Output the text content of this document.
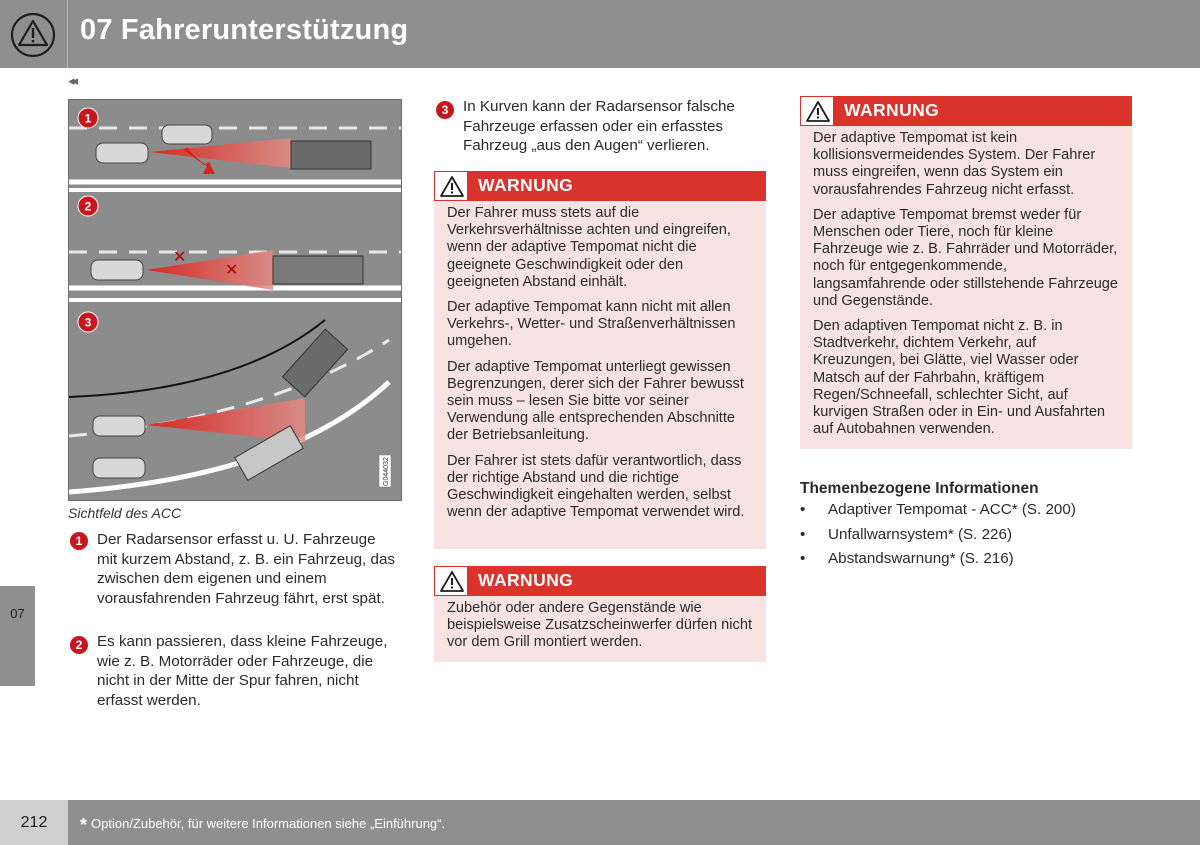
07 Fahrerunterstützung
◂◂
07
1
✕
✕
2
3
G044032
Sichtfeld des ACC
1 Der Radarsensor erfasst u. U. Fahrzeuge mit kurzem Abstand, z. B. ein Fahrzeug, das zwischen dem eigenen und einem vorausfahrenden Fahrzeug fährt, erst spät.
2 Es kann passieren, dass kleine Fahrzeuge, wie z. B. Motorräder oder Fahrzeuge, die nicht in der Mitte der Spur fahren, nicht erfasst werden.
3 In Kurven kann der Radarsensor falsche Fahrzeuge erfassen oder ein erfasstes Fahrzeug „aus den Augen“ verlieren.
WARNUNG

Der Fahrer muss stets auf die Verkehrsverhältnisse achten und eingreifen, wenn der adaptive Tempomat nicht die geeignete Geschwindigkeit oder den geeigneten Abstand einhält.

Der adaptive Tempomat kann nicht mit allen Verkehrs-, Wetter- und Straßenverhältnissen umgehen.

Der adaptive Tempomat unterliegt gewissen Begrenzungen, derer sich der Fahrer bewusst sein muss – lesen Sie bitte vor seiner Verwendung alle entsprechenden Abschnitte der Betriebsanleitung.

Der Fahrer ist stets dafür verantwortlich, dass der richtige Abstand und die richtige Geschwindigkeit eingehalten werden, selbst wenn der adaptive Tempomat verwendet wird.

WARNUNG

Zubehör oder andere Gegenstände wie beispielsweise Zusatzscheinwerfer dürfen nicht vor dem Grill montiert werden.

WARNUNG

Der adaptive Tempomat ist kein kollisionsvermeidendes System. Der Fahrer muss eingreifen, wenn das System ein vorausfahrendes Fahrzeug nicht erfasst.

Der adaptive Tempomat bremst weder für Menschen oder Tiere, noch für kleine Fahrzeuge wie z. B. Fahrräder und Motorräder, noch für entgegenkommende, langsamfahrende oder stillstehende Fahrzeuge und Gegenstände.

Den adaptiven Tempomat nicht z. B. in Stadtverkehr, dichtem Verkehr, auf Kreuzungen, bei Glätte, viel Wasser oder Matsch auf der Fahrbahn, kräftigem Regen/Schneefall, schlechter Sicht, auf kurvigen Straßen oder in Ein- und Ausfahrten auf Autobahnen verwenden.

Themenbezogene Informationen
• Adaptiver Tempomat - ACC* (S. 200)
• Unfallwarnsystem* (S. 226)
• Abstandswarnung* (S. 216)
212	* Option/Zubehör, für weitere Informationen siehe „Einführung“.
